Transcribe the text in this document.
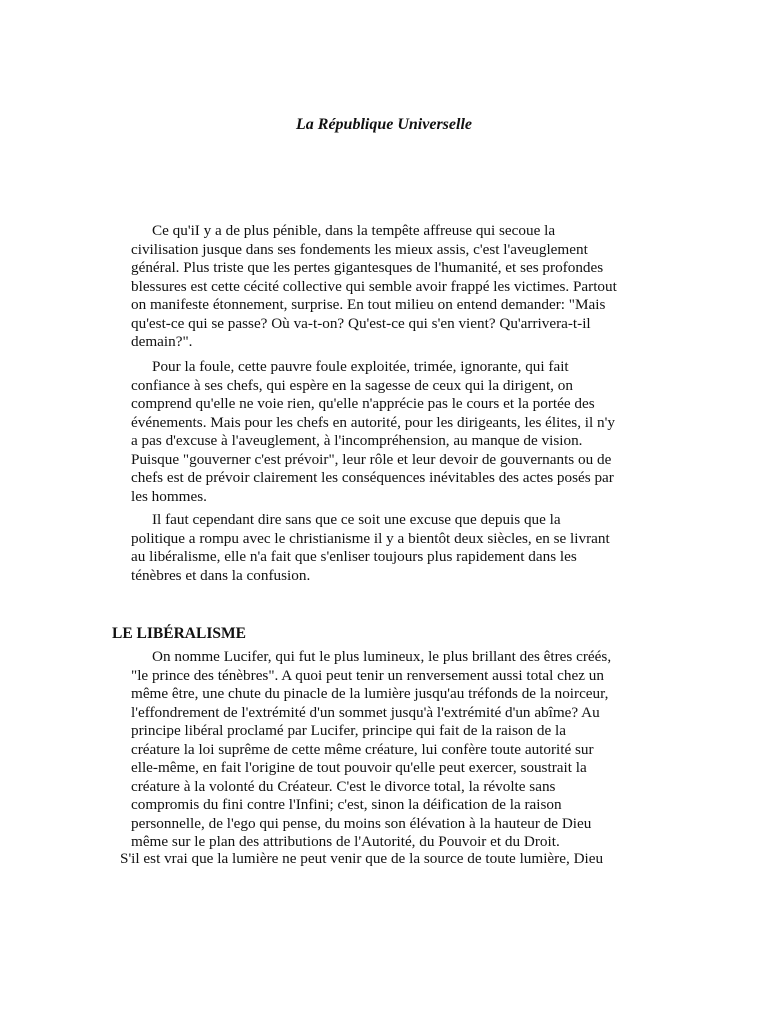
La République Universelle
Ce qu'iI y a de plus pénible, dans la tempête affreuse qui secoue la
civilisation jusque dans ses fondements les mieux assis, c'est l'aveuglement
général. Plus triste que les pertes gigantesques de l'humanité, et ses profondes
blessures est cette cécité collective qui semble avoir frappé les victimes. Partout
on manifeste étonnement, surprise. En tout milieu on entend demander: "Mais
qu'est-ce qui se passe? Où va-t-on? Qu'est-ce qui s'en vient? Qu'arrivera-t-il
demain?".
Pour la foule, cette pauvre foule exploitée, trimée, ignorante, qui fait
confiance à ses chefs, qui espère en la sagesse de ceux qui la dirigent, on
comprend qu'elle ne voie rien, qu'elle n'apprécie pas le cours et la portée des
événements. Mais pour les chefs en autorité, pour les dirigeants, les élites, il n'y
a pas d'excuse à l'aveuglement, à l'incompréhension, au manque de vision.
Puisque "gouverner c'est prévoir", leur rôle et leur devoir de gouvernants ou de
chefs est de prévoir clairement les conséquences inévitables des actes posés par
les hommes.
Il faut cependant dire sans que ce soit une excuse que depuis que la
politique a rompu avec le christianisme il y a bientôt deux siècles, en se livrant
au libéralisme, elle n'a fait que s'enliser toujours plus rapidement dans les
ténèbres et dans la confusion.
LE LIBÉRALISME
On nomme Lucifer, qui fut le plus lumineux, le plus brillant des êtres créés,
"le prince des ténèbres". A quoi peut tenir un renversement aussi total chez un
même être, une chute du pinacle de la lumière jusqu'au tréfonds de la noirceur,
l'effondrement de l'extrémité d'un sommet jusqu'à l'extrémité d'un abîme? Au
principe libéral proclamé par Lucifer, principe qui fait de la raison de la
créature la loi suprême de cette même créature, lui confère toute autorité sur
elle-même, en fait l'origine de tout pouvoir qu'elle peut exercer, soustrait la
créature à la volonté du Créateur. C'est le divorce total, la révolte sans
compromis du fini contre l'Infini; c'est, sinon la déification de la raison
personnelle, de l'ego qui pense, du moins son élévation à la hauteur de Dieu
même sur le plan des attributions de l'Autorité, du Pouvoir et du Droit.
S'il est vrai que la lumière ne peut venir que de la source de toute lumière, Dieu
